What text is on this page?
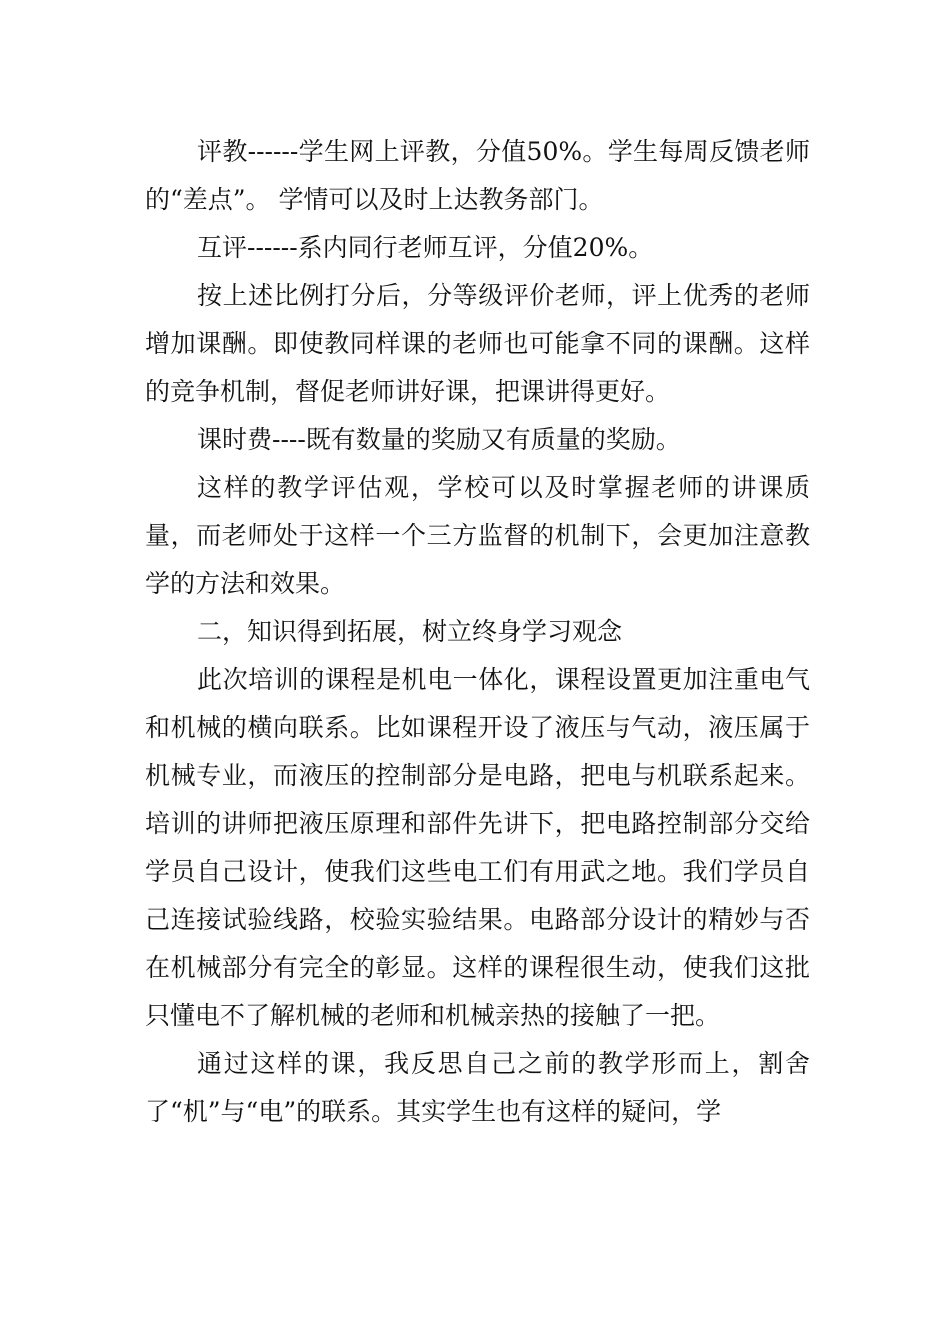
评教------学生网上评教，分值50%。学生每周反馈老师的“差点”。 学情可以及时上达教务部门。

互评------系内同行老师互评，分值20%。

按上述比例打分后，分等级评价老师，评上优秀的老师增加课酬。即使教同样课的老师也可能拿不同的课酬。这样的竞争机制，督促老师讲好课，把课讲得更好。

课时费----既有数量的奖励又有质量的奖励。

这样的教学评估观，学校可以及时掌握老师的讲课质量，而老师处于这样一个三方监督的机制下，会更加注意教学的方法和效果。

二，知识得到拓展，树立终身学习观念

此次培训的课程是机电一体化，课程设置更加注重电气和机械的横向联系。比如课程开设了液压与气动，液压属于机械专业，而液压的控制部分是电路，把电与机联系起来。培训的讲师把液压原理和部件先讲下，把电路控制部分交给学员自己设计，使我们这些电工们有用武之地。我们学员自己连接试验线路，校验实验结果。电路部分设计的精妙与否在机械部分有完全的彰显。这样的课程很生动，使我们这批只懂电不了解机械的老师和机械亲热的接触了一把。

通过这样的课，我反思自己之前的教学形而上，割舍了“机”与“电”的联系。其实学生也有这样的疑问，学
